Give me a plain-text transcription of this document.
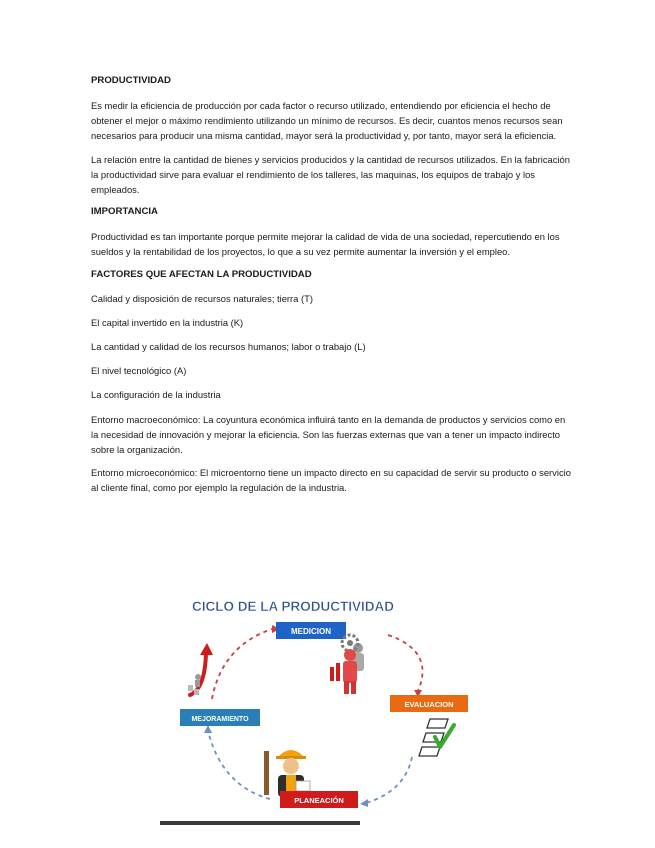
PRODUCTIVIDAD

Es medir la eficiencia de producción por cada factor o recurso utilizado, entendiendo por eficiencia el hecho de obtener el mejor o máximo rendimiento utilizando un mínimo de recursos. Es decir, cuantos menos recursos sean necesarios para producir una misma cantidad, mayor será la productividad y, por tanto, mayor será la eficiencia.

La relación entre la cantidad de bienes y servicios producidos y la cantidad de recursos utilizados. En la fabricación la productividad sirve para evaluar el rendimiento de los talleres, las maquinas, los equipos de trabajo y los empleados.

IMPORTANCIA

Productividad es tan importante porque permite mejorar la calidad de vida de una sociedad, repercutiendo en los sueldos y la rentabilidad de los proyectos, lo que a su vez permite aumentar la inversión y el empleo.

FACTORES QUE AFECTAN LA PRODUCTIVIDAD

Calidad y disposición de recursos naturales; tierra (T)

El capital invertido en la industria (K)

La cantidad y calidad de los recursos humanos; labor o trabajo (L)

El nivel tecnológico (A)

La configuración de la industria

Entorno macroeconómico: La coyuntura económica influirá tanto en la demanda de productos y servicios como en la necesidad de innovación y mejorar la eficiencia. Son las fuerzas externas que van a tener un impacto indirecto sobre la organización.

Entorno microeconómico: El microentorno tiene un impacto directo en su capacidad de servir su producto o servicio al cliente final, como por ejemplo la regulación de la industria.

CICLO DE LA PRODUCTIVIDAD
MEDICION
EVALUACION
MEJORAMIENTO
PLANEACIÓN
